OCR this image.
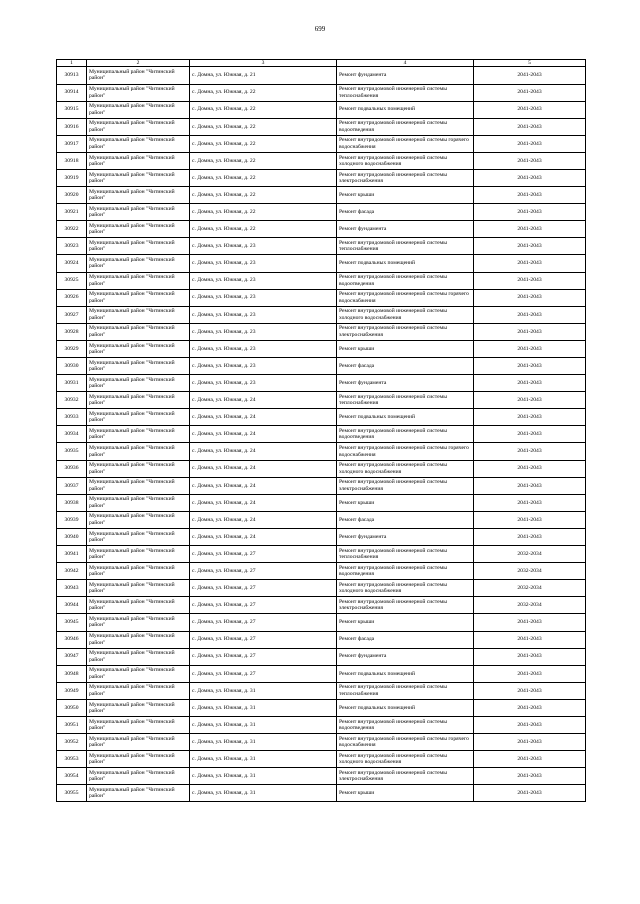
699
1	2	3	4	5
30913	Муниципальный район "Читинский район"	с. Домна, ул. Южная, д. 21	Ремонт фундамента	2041-2043
30914	Муниципальный район "Читинский район"	с. Домна, ул. Южная, д. 22	Ремонт внутридомовой инженерной системы теплоснабжения	2041-2043
30915	Муниципальный район "Читинский район"	с. Домна, ул. Южная, д. 22	Ремонт подвальных помещений	2041-2043
30916	Муниципальный район "Читинский район"	с. Домна, ул. Южная, д. 22	Ремонт внутридомовой инженерной системы водоотведения	2041-2043
30917	Муниципальный район "Читинский район"	с. Домна, ул. Южная, д. 22	Ремонт внутридомовой инженерной системы горячего водоснабжения	2041-2043
30918	Муниципальный район "Читинский район"	с. Домна, ул. Южная, д. 22	Ремонт внутридомовой инженерной системы холодного водоснабжения	2041-2043
30919	Муниципальный район "Читинский район"	с. Домна, ул. Южная, д. 22	Ремонт внутридомовой инженерной системы электроснабжения	2041-2043
30920	Муниципальный район "Читинский район"	с. Домна, ул. Южная, д. 22	Ремонт крыши	2041-2043
30921	Муниципальный район "Читинский район"	с. Домна, ул. Южная, д. 22	Ремонт фасада	2041-2043
30922	Муниципальный район "Читинский район"	с. Домна, ул. Южная, д. 22	Ремонт фундамента	2041-2043
30923	Муниципальный район "Читинский район"	с. Домна, ул. Южная, д. 23	Ремонт внутридомовой инженерной системы теплоснабжения	2041-2043
30924	Муниципальный район "Читинский район"	с. Домна, ул. Южная, д. 23	Ремонт подвальных помещений	2041-2043
30925	Муниципальный район "Читинский район"	с. Домна, ул. Южная, д. 23	Ремонт внутридомовой инженерной системы водоотведения	2041-2043
30926	Муниципальный район "Читинский район"	с. Домна, ул. Южная, д. 23	Ремонт внутридомовой инженерной системы горячего водоснабжения	2041-2043
30927	Муниципальный район "Читинский район"	с. Домна, ул. Южная, д. 23	Ремонт внутридомовой инженерной системы холодного водоснабжения	2041-2043
30928	Муниципальный район "Читинский район"	с. Домна, ул. Южная, д. 23	Ремонт внутридомовой инженерной системы электроснабжения	2041-2043
30929	Муниципальный район "Читинский район"	с. Домна, ул. Южная, д. 23	Ремонт крыши	2041-2043
30930	Муниципальный район "Читинский район"	с. Домна, ул. Южная, д. 23	Ремонт фасада	2041-2043
30931	Муниципальный район "Читинский район"	с. Домна, ул. Южная, д. 23	Ремонт фундамента	2041-2043
30932	Муниципальный район "Читинский район"	с. Домна, ул. Южная, д. 24	Ремонт внутридомовой инженерной системы теплоснабжения	2041-2043
30933	Муниципальный район "Читинский район"	с. Домна, ул. Южная, д. 24	Ремонт подвальных помещений	2041-2043
30934	Муниципальный район "Читинский район"	с. Домна, ул. Южная, д. 24	Ремонт внутридомовой инженерной системы водоотведения	2041-2043
30935	Муниципальный район "Читинский район"	с. Домна, ул. Южная, д. 24	Ремонт внутридомовой инженерной системы горячего водоснабжения	2041-2043
30936	Муниципальный район "Читинский район"	с. Домна, ул. Южная, д. 24	Ремонт внутридомовой инженерной системы холодного водоснабжения	2041-2043
30937	Муниципальный район "Читинский район"	с. Домна, ул. Южная, д. 24	Ремонт внутридомовой инженерной системы электроснабжения	2041-2043
30938	Муниципальный район "Читинский район"	с. Домна, ул. Южная, д. 24	Ремонт крыши	2041-2043
30939	Муниципальный район "Читинский район"	с. Домна, ул. Южная, д. 24	Ремонт фасада	2041-2043
30940	Муниципальный район "Читинский район"	с. Домна, ул. Южная, д. 24	Ремонт фундамента	2041-2043
30941	Муниципальный район "Читинский район"	с. Домна, ул. Южная, д. 27	Ремонт внутридомовой инженерной системы теплоснабжения	2032-2034
30942	Муниципальный район "Читинский район"	с. Домна, ул. Южная, д. 27	Ремонт внутридомовой инженерной системы водоотведения	2032-2034
30943	Муниципальный район "Читинский район"	с. Домна, ул. Южная, д. 27	Ремонт внутридомовой инженерной системы холодного водоснабжения	2032-2034
30944	Муниципальный район "Читинский район"	с. Домна, ул. Южная, д. 27	Ремонт внутридомовой инженерной системы электроснабжения	2032-2034
30945	Муниципальный район "Читинский район"	с. Домна, ул. Южная, д. 27	Ремонт крыши	2041-2043
30946	Муниципальный район "Читинский район"	с. Домна, ул. Южная, д. 27	Ремонт фасада	2041-2043
30947	Муниципальный район "Читинский район"	с. Домна, ул. Южная, д. 27	Ремонт фундамента	2041-2043
30948	Муниципальный район "Читинский район"	с. Домна, ул. Южная, д. 27	Ремонт подвальных помещений	2041-2043
30949	Муниципальный район "Читинский район"	с. Домна, ул. Южная, д. 31	Ремонт внутридомовой инженерной системы теплоснабжения	2041-2043
30950	Муниципальный район "Читинский район"	с. Домна, ул. Южная, д. 31	Ремонт подвальных помещений	2041-2043
30951	Муниципальный район "Читинский район"	с. Домна, ул. Южная, д. 31	Ремонт внутридомовой инженерной системы водоотведения	2041-2043
30952	Муниципальный район "Читинский район"	с. Домна, ул. Южная, д. 31	Ремонт внутридомовой инженерной системы горячего водоснабжения	2041-2043
30953	Муниципальный район "Читинский район"	с. Домна, ул. Южная, д. 31	Ремонт внутридомовой инженерной системы холодного водоснабжения	2041-2043
30954	Муниципальный район "Читинский район"	с. Домна, ул. Южная, д. 31	Ремонт внутридомовой инженерной системы электроснабжения	2041-2043
30955	Муниципальный район "Читинский район"	с. Домна, ул. Южная, д. 31	Ремонт крыши	2041-2043
